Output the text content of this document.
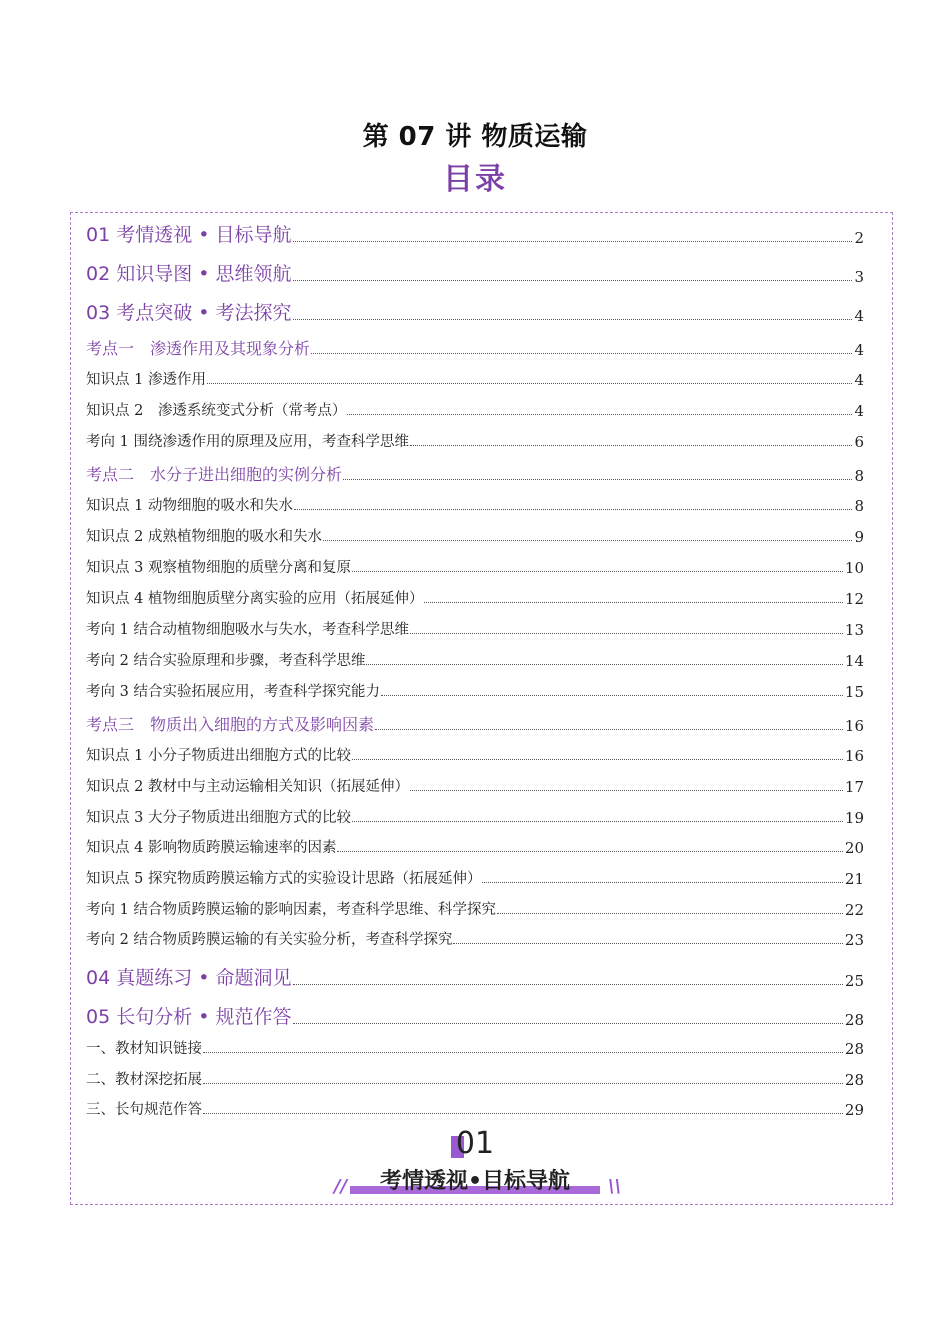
第 07 讲 物质运输
目录
01 考情透视 • 目标导航	2
02 知识导图 • 思维领航	3
03 考点突破 • 考法探究	4
考点一　渗透作用及其现象分析	4
知识点 1 渗透作用	4
知识点 2　渗透系统变式分析（常考点）	4
考向 1 围绕渗透作用的原理及应用，考查科学思维	6
考点二　水分子进出细胞的实例分析	8
知识点 1 动物细胞的吸水和失水	8
知识点 2 成熟植物细胞的吸水和失水	9
知识点 3 观察植物细胞的质壁分离和复原	10
知识点 4 植物细胞质壁分离实验的应用（拓展延伸）	12
考向 1 结合动植物细胞吸水与失水，考查科学思维	13
考向 2 结合实验原理和步骤，考查科学思维	14
考向 3 结合实验拓展应用，考查科学探究能力	15
考点三　物质出入细胞的方式及影响因素	16
知识点 1 小分子物质进出细胞方式的比较	16
知识点 2 教材中与主动运输相关知识（拓展延伸）	17
知识点 3 大分子物质进出细胞方式的比较	19
知识点 4 影响物质跨膜运输速率的因素	20
知识点 5 探究物质跨膜运输方式的实验设计思路（拓展延伸）	21
考向 1 结合物质跨膜运输的影响因素，考查科学思维、科学探究	22
考向 2 结合物质跨膜运输的有关实验分析，考查科学探究	23
04 真题练习 • 命题洞见	25
05 长句分析 • 规范作答	28
一、教材知识链接	28
二、教材深挖拓展	28
三、长句规范作答	29
01
//	考情透视•目标导航	\\
